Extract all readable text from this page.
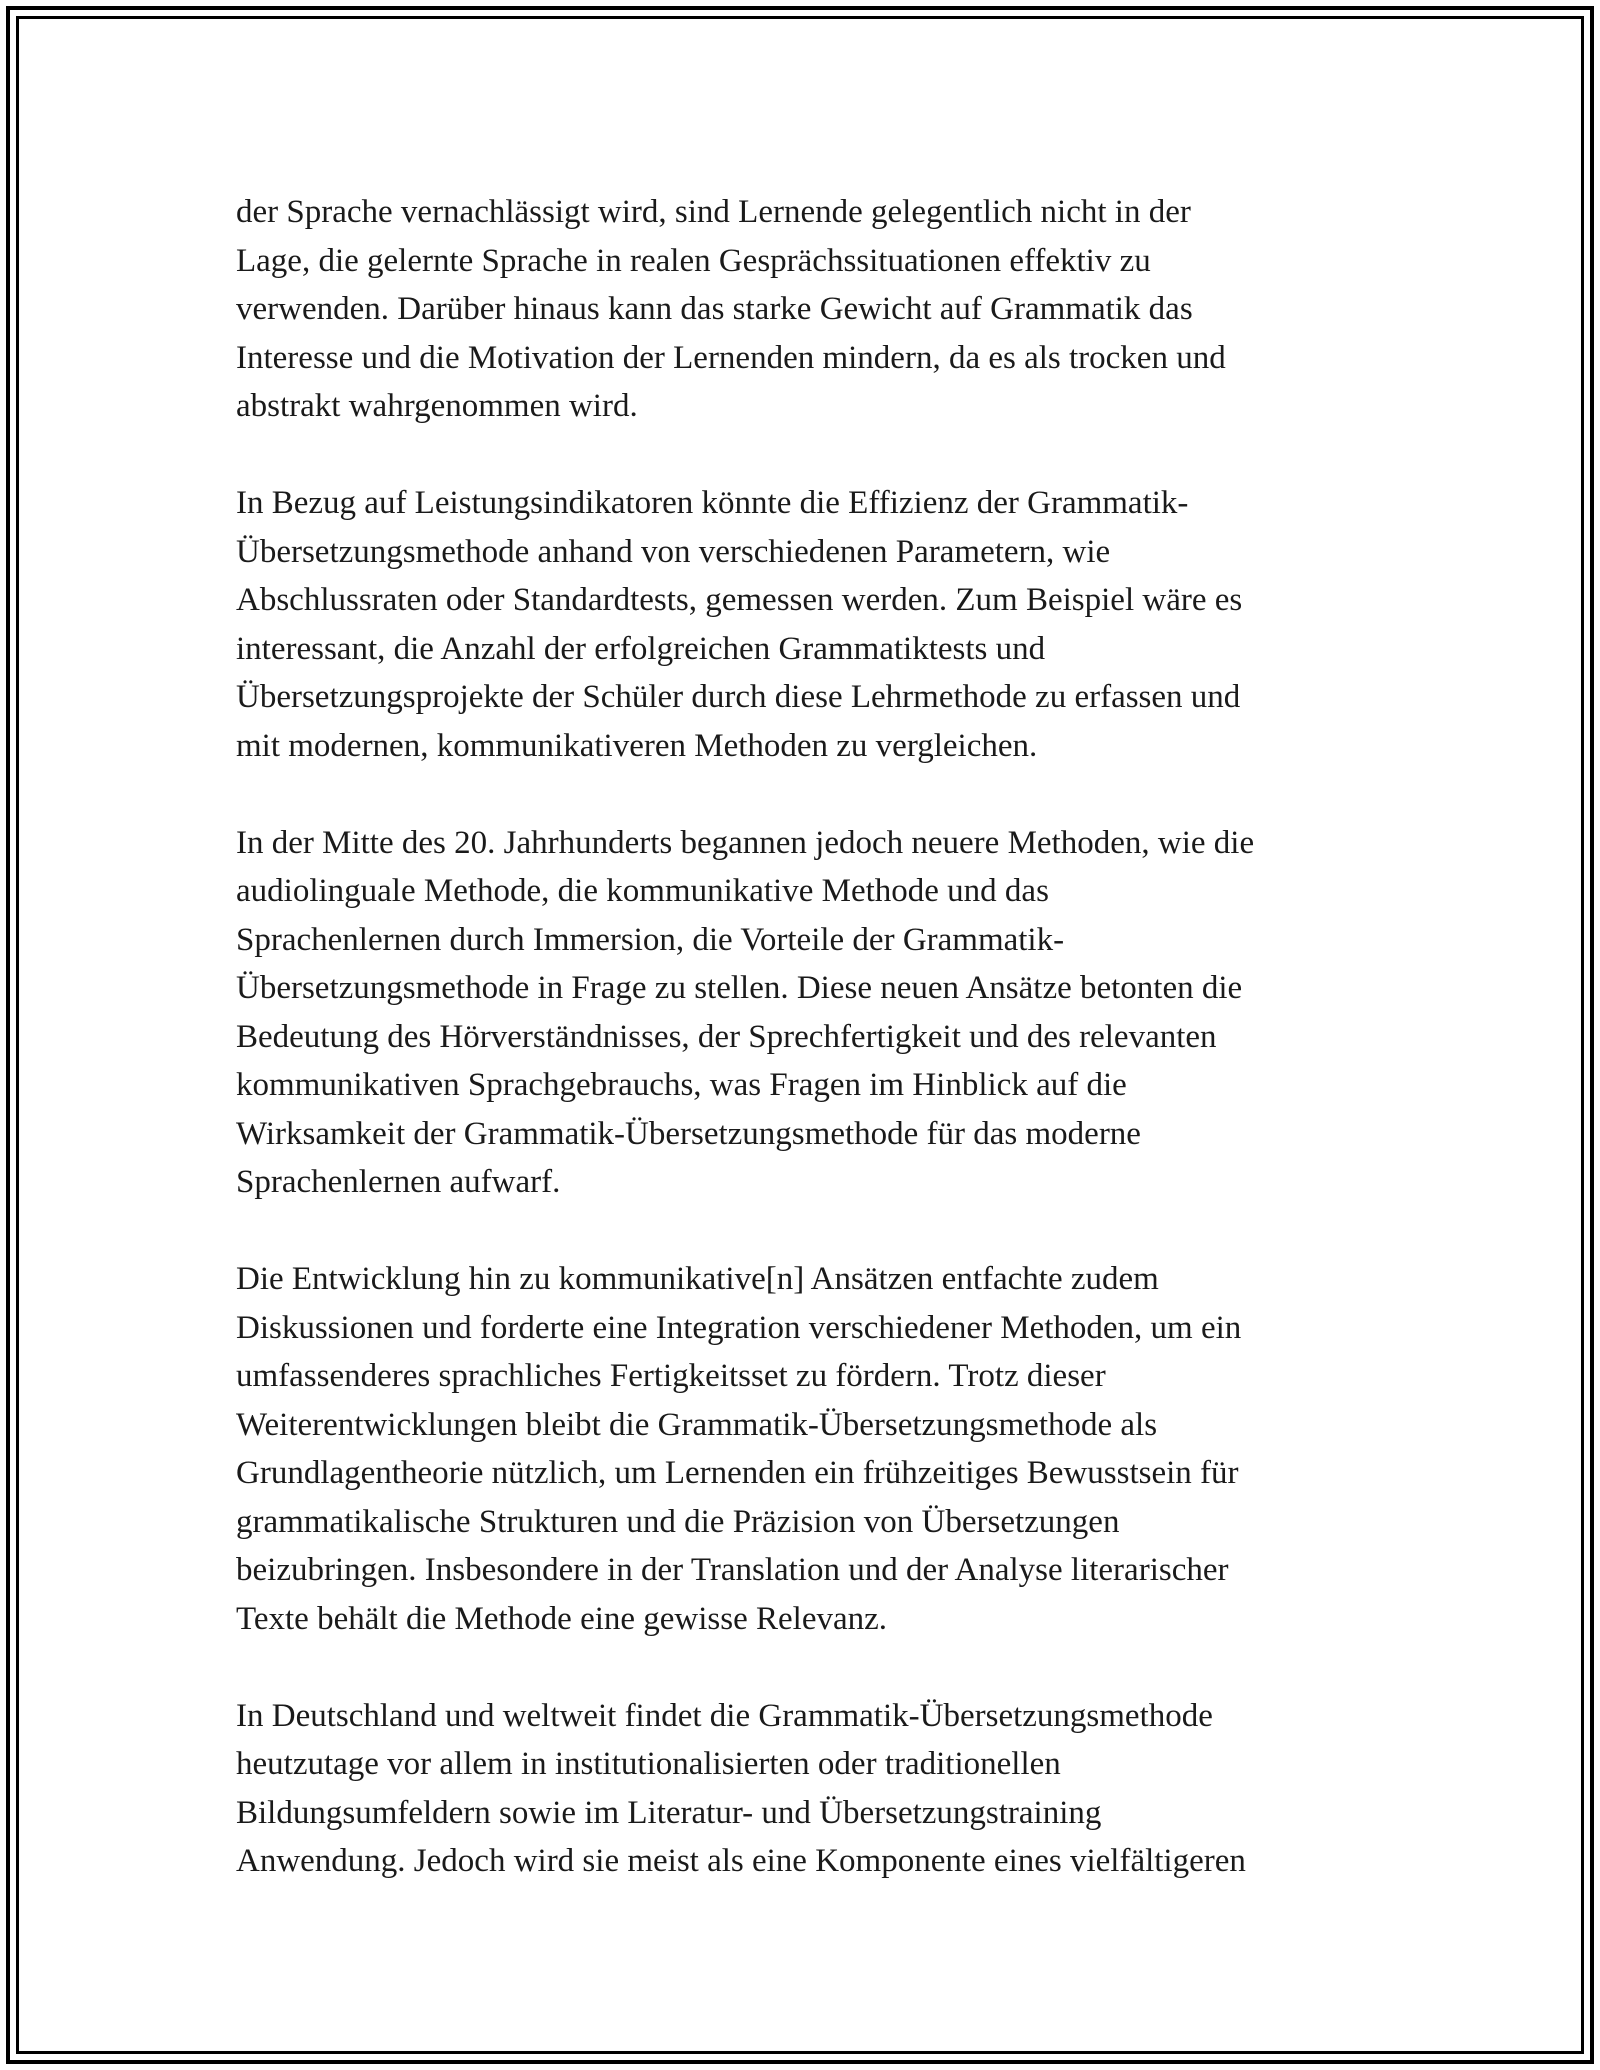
der Sprache vernachlässigt wird, sind Lernende gelegentlich nicht in der
Lage, die gelernte Sprache in realen Gesprächssituationen effektiv zu
verwenden. Darüber hinaus kann das starke Gewicht auf Grammatik das
Interesse und die Motivation der Lernenden mindern, da es als trocken und
abstrakt wahrgenommen wird.

In Bezug auf Leistungsindikatoren könnte die Effizienz der Grammatik-
Übersetzungsmethode anhand von verschiedenen Parametern, wie
Abschlussraten oder Standardtests, gemessen werden. Zum Beispiel wäre es
interessant, die Anzahl der erfolgreichen Grammatiktests und
Übersetzungsprojekte der Schüler durch diese Lehrmethode zu erfassen und
mit modernen, kommunikativeren Methoden zu vergleichen.

In der Mitte des 20. Jahrhunderts begannen jedoch neuere Methoden, wie die
audiolinguale Methode, die kommunikative Methode und das
Sprachenlernen durch Immersion, die Vorteile der Grammatik-
Übersetzungsmethode in Frage zu stellen. Diese neuen Ansätze betonten die
Bedeutung des Hörverständnisses, der Sprechfertigkeit und des relevanten
kommunikativen Sprachgebrauchs, was Fragen im Hinblick auf die
Wirksamkeit der Grammatik-Übersetzungsmethode für das moderne
Sprachenlernen aufwarf.

Die Entwicklung hin zu kommunikative[n] Ansätzen entfachte zudem
Diskussionen und forderte eine Integration verschiedener Methoden, um ein
umfassenderes sprachliches Fertigkeitsset zu fördern. Trotz dieser
Weiterentwicklungen bleibt die Grammatik-Übersetzungsmethode als
Grundlagentheorie nützlich, um Lernenden ein frühzeitiges Bewusstsein für
grammatikalische Strukturen und die Präzision von Übersetzungen
beizubringen. Insbesondere in der Translation und der Analyse literarischer
Texte behält die Methode eine gewisse Relevanz.

In Deutschland und weltweit findet die Grammatik-Übersetzungsmethode
heutzutage vor allem in institutionalisierten oder traditionellen
Bildungsumfeldern sowie im Literatur- und Übersetzungstraining
Anwendung. Jedoch wird sie meist als eine Komponente eines vielfältigeren
